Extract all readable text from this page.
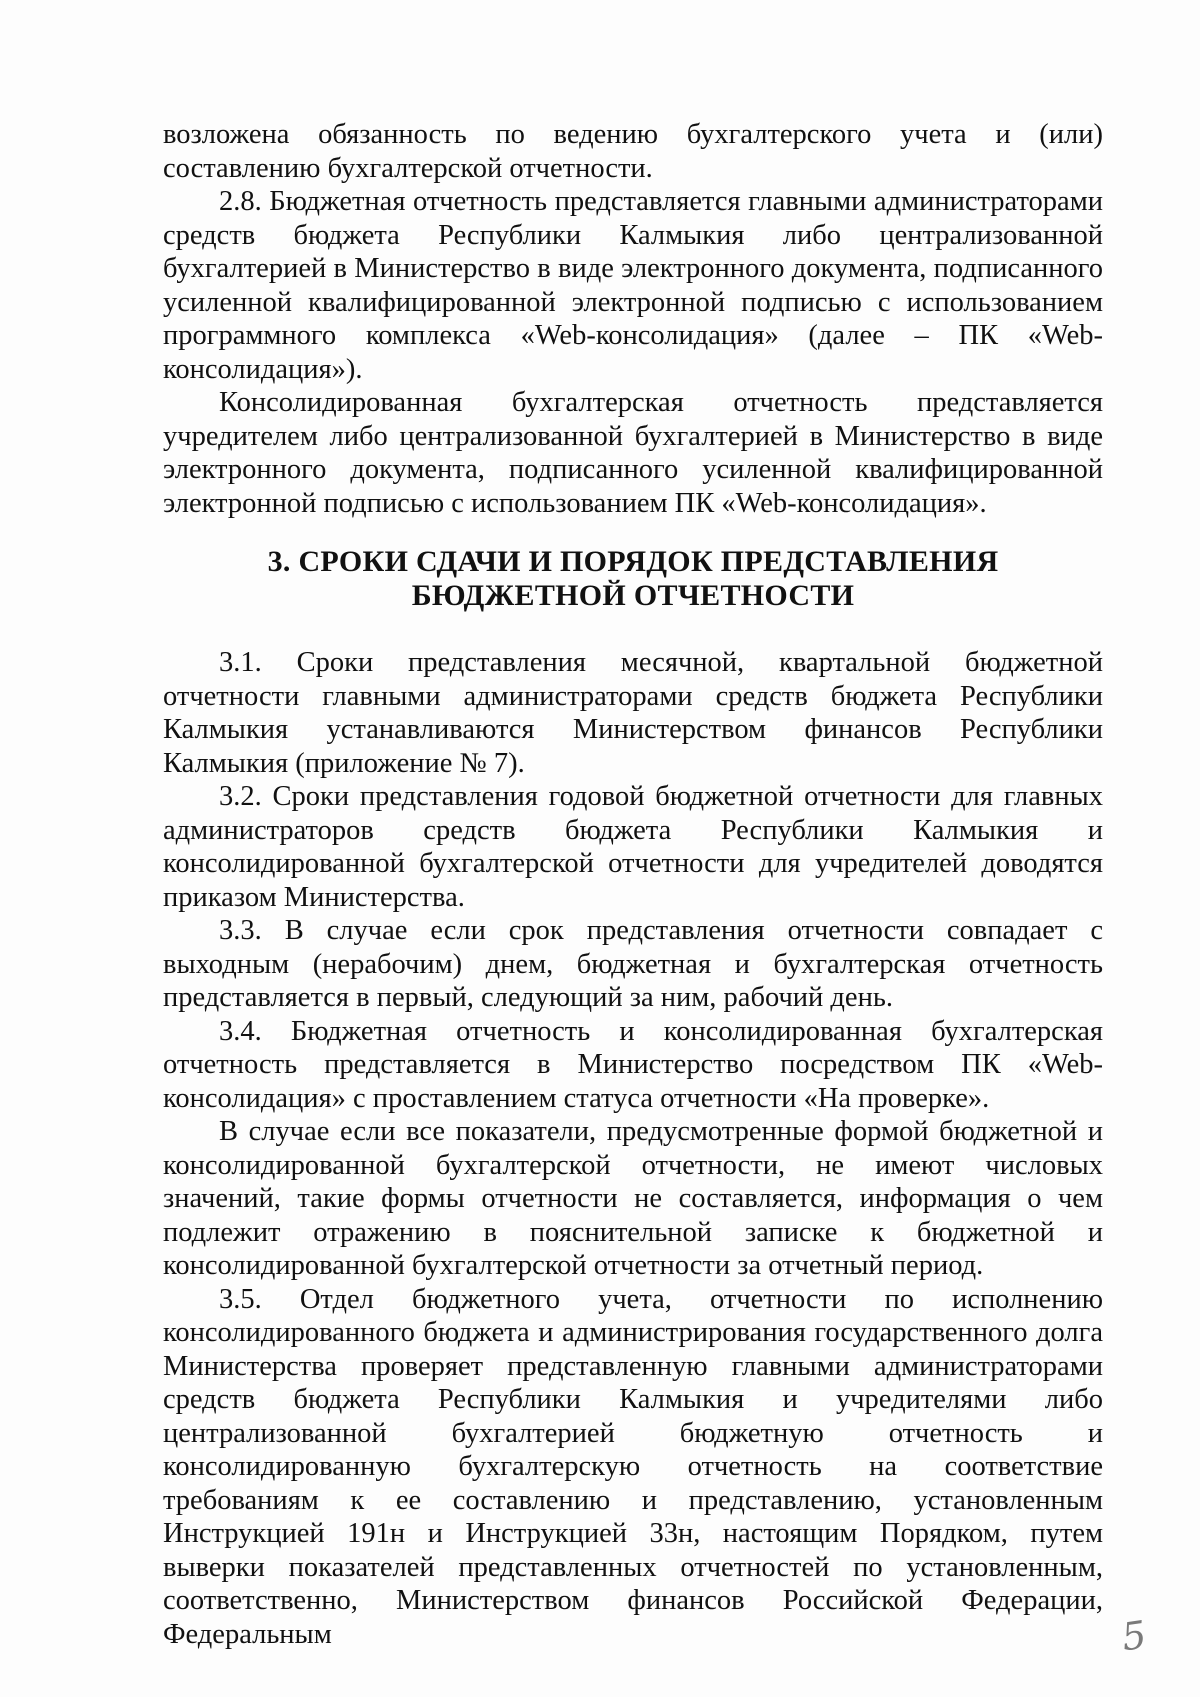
возложена обязанность по ведению бухгалтерского учета и (или) составлению бухгалтерской отчетности.

2.8. Бюджетная отчетность представляется главными администраторами средств бюджета Республики Калмыкия либо централизованной бухгалтерией в Министерство в виде электронного документа, подписанного усиленной квалифицированной электронной подписью с использованием программного комплекса «Web-консолидация» (далее – ПК «Web-консолидация»).

Консолидированная бухгалтерская отчетность представляется учредителем либо централизованной бухгалтерией в Министерство в виде электронного документа, подписанного усиленной квалифицированной электронной подписью с использованием ПК «Web-консолидация».

3. СРОКИ СДАЧИ И ПОРЯДОК ПРЕДСТАВЛЕНИЯ
БЮДЖЕТНОЙ ОТЧЕТНОСТИ

3.1. Сроки представления месячной, квартальной бюджетной отчетности главными администраторами средств бюджета Республики Калмыкия устанавливаются Министерством финансов Республики Калмыкия (приложение № 7).

3.2. Сроки представления годовой бюджетной отчетности для главных администраторов средств бюджета Республики Калмыкия и консолидированной бухгалтерской отчетности для учредителей доводятся приказом Министерства.

3.3. В случае если срок представления отчетности совпадает с выходным (нерабочим) днем, бюджетная и бухгалтерская отчетность представляется в первый, следующий за ним, рабочий день.

3.4. Бюджетная отчетность и консолидированная бухгалтерская отчетность представляется в Министерство посредством ПК «Web-консолидация» с проставлением статуса отчетности «На проверке».

В случае если все показатели, предусмотренные формой бюджетной и консолидированной бухгалтерской отчетности, не имеют числовых значений, такие формы отчетности не составляется, информация о чем подлежит отражению в пояснительной записке к бюджетной и консолидированной бухгалтерской отчетности за отчетный период.

3.5. Отдел бюджетного учета, отчетности по исполнению консолидированного бюджета и администрирования государственного долга Министерства проверяет представленную главными администраторами средств бюджета Республики Калмыкия и учредителями либо централизованной бухгалтерией бюджетную отчетность и консолидированную бухгалтерскую отчетность на соответствие требованиям к ее составлению и представлению, установленным Инструкцией 191н и Инструкцией 33н, настоящим Порядком, путем выверки показателей представленных отчетностей по установленным, соответственно, Министерством финансов Российской Федерации, Федеральным	5
